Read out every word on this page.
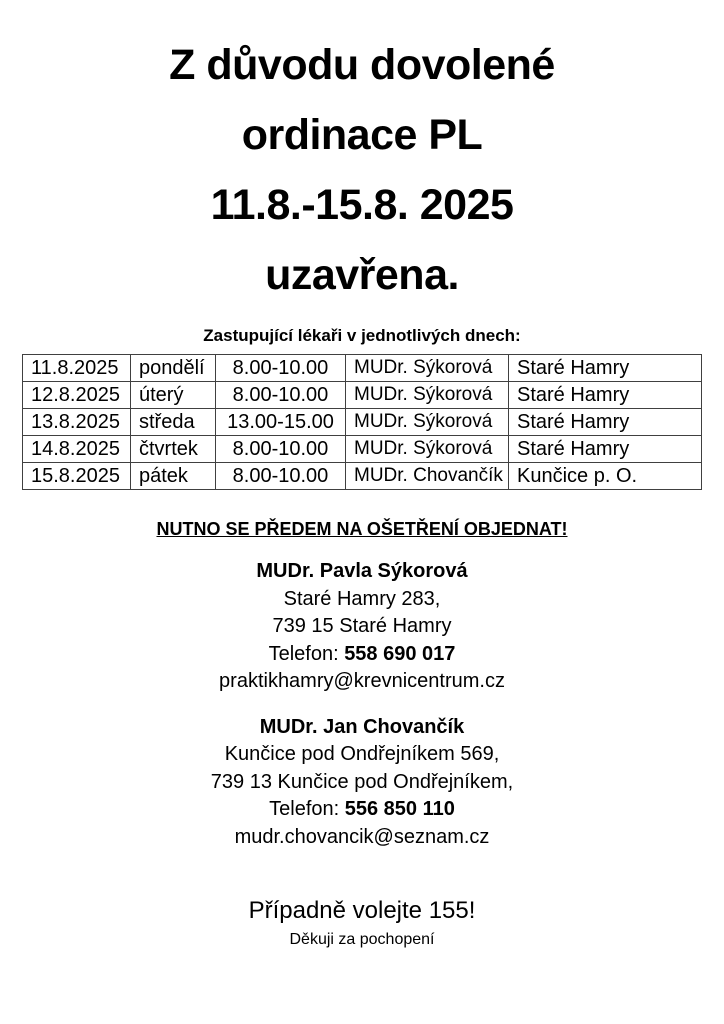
Z důvodu dovolené
ordinace PL
11.8.-15.8. 2025
uzavřena.
Zastupující lékaři v jednotlivých dnech:
11.8.2025	pondělí	8.00-10.00	MUDr. Sýkorová	Staré Hamry
12.8.2025	úterý	8.00-10.00	MUDr. Sýkorová	Staré Hamry
13.8.2025	středa	13.00-15.00	MUDr. Sýkorová	Staré Hamry
14.8.2025	čtvrtek	8.00-10.00	MUDr. Sýkorová	Staré Hamry
15.8.2025	pátek	8.00-10.00	MUDr. Chovančík	Kunčice p. O.
NUTNO SE PŘEDEM NA OŠETŘENÍ OBJEDNAT!
MUDr. Pavla Sýkorová
Staré Hamry 283,
739 15 Staré Hamry
Telefon: 558 690 017
praktikhamry@krevnicentrum.cz
MUDr. Jan Chovančík
Kunčice pod Ondřejníkem 569,
739 13 Kunčice pod Ondřejníkem,
Telefon: 556 850 110
mudr.chovancik@seznam.cz
Případně volejte 155!
Děkuji za pochopení
